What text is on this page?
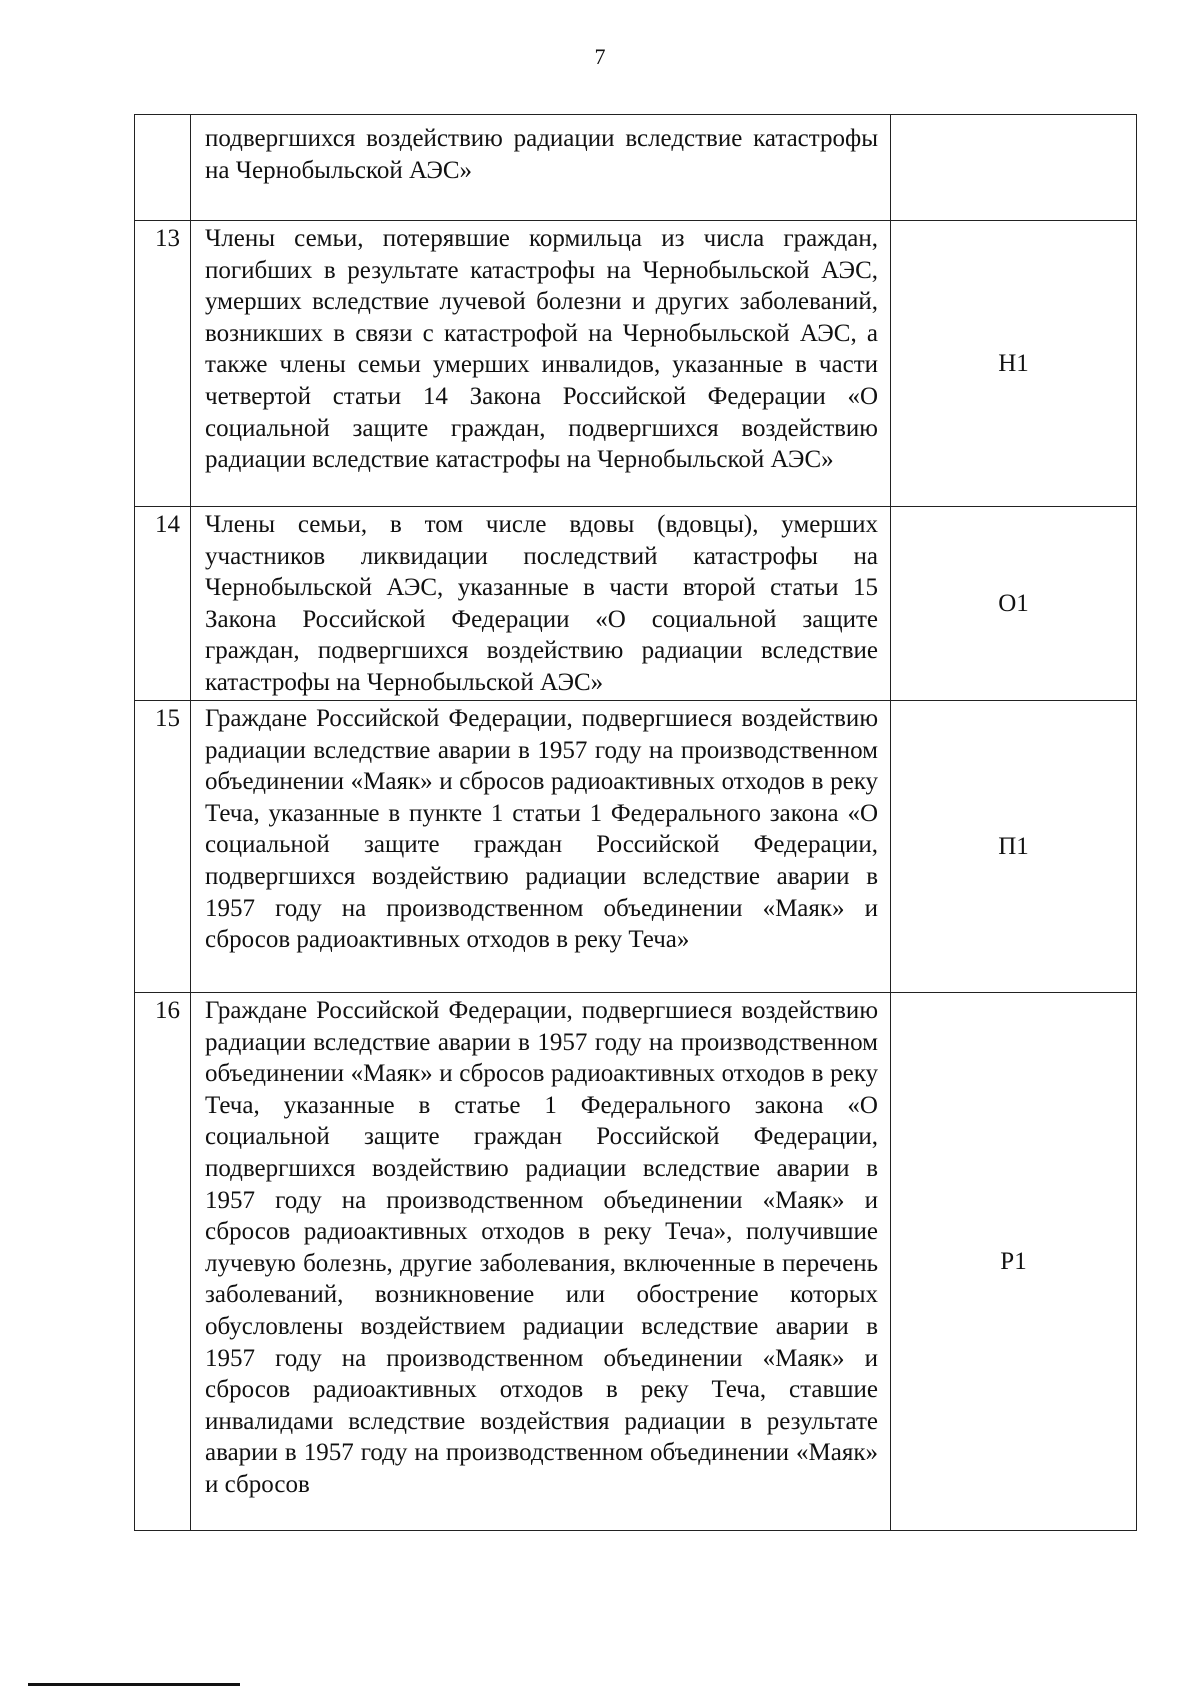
7
	подвергшихся воздействию радиации вследствие катастрофы на Чернобыльской АЭС»	
13	Члены семьи, потерявшие кормильца из числа граждан, погибших в результате катастрофы на Чернобыльской АЭС, умерших вследствие лучевой болезни и других заболеваний, возникших в связи с катастрофой на Чернобыльской АЭС, а также члены семьи умерших инвалидов, указанные в части четвертой статьи 14 Закона Российской Федерации «О социальной защите граждан, подвергшихся воздействию радиации вследствие катастрофы на Чернобыльской АЭС»	Н1
14	Члены семьи, в том числе вдовы (вдовцы), умерших участников ликвидации последствий катастрофы на Чернобыльской АЭС, указанные в части второй статьи 15 Закона Российской Федерации «О социальной защите граждан, подвергшихся воздействию радиации вследствие катастрофы на Чернобыльской АЭС»	О1
15	Граждане Российской Федерации, подвергшиеся воздействию радиации вследствие аварии в 1957 году на производственном объединении «Маяк» и сбросов радиоактивных отходов в реку Теча, указанные в пункте 1 статьи 1 Федерального закона «О социальной защите граждан Российской Федерации, подвергшихся воздействию радиации вследствие аварии в 1957 году на производственном объединении «Маяк» и сбросов радиоактивных отходов в реку Теча»	П1
16	Граждане Российской Федерации, подвергшиеся воздействию радиации вследствие аварии в 1957 году на производственном объединении «Маяк» и сбросов радиоактивных отходов в реку Теча, указанные в статье 1 Федерального закона «О социальной защите граждан Российской Федерации, подвергшихся воздействию радиации вследствие аварии в 1957 году на производственном объединении «Маяк» и сбросов радиоактивных отходов в реку Теча», получившие лучевую болезнь, другие заболевания, включенные в перечень заболеваний, возникновение или обострение которых обусловлены воздействием радиации вследствие аварии в 1957 году на производственном объединении «Маяк» и сбросов радиоактивных отходов в реку Теча, ставшие инвалидами вследствие воздействия радиации в результате аварии в 1957 году на производственном объединении «Маяк» и сбросов	Р1
